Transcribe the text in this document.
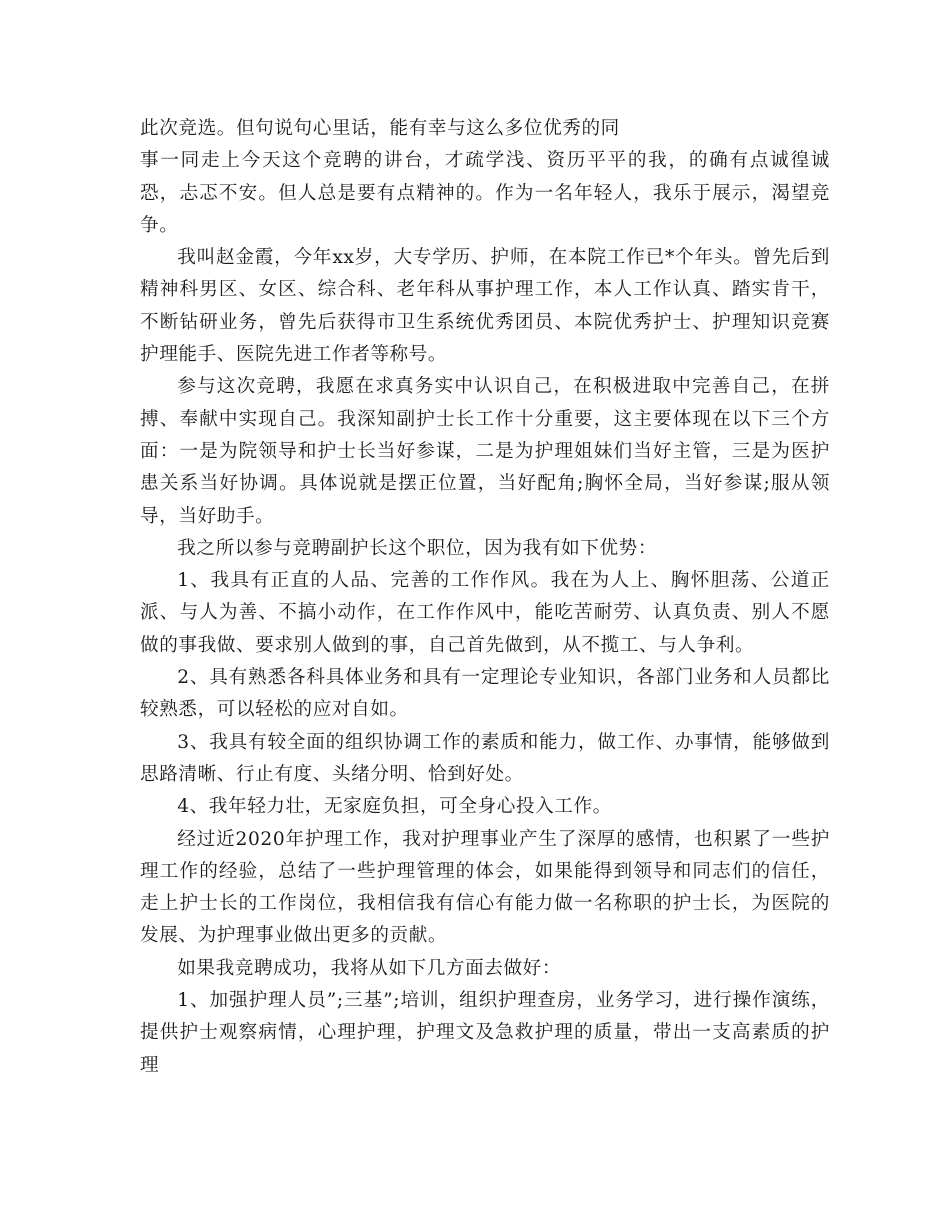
此次竞选。但句说句心里话，能有幸与这么多位优秀的同

事一同走上今天这个竞聘的讲台，才疏学浅、资历平平的我，的确有点诚徨诚恐，忐忑不安。但人总是要有点精神的。作为一名年轻人，我乐于展示，渴望竞争。

我叫赵金霞，今年xx岁，大专学历、护师，在本院工作已*个年头。曾先后到精神科男区、女区、综合科、老年科从事护理工作，本人工作认真、踏实肯干，不断钻研业务，曾先后获得市卫生系统优秀团员、本院优秀护士、护理知识竞赛护理能手、医院先进工作者等称号。

参与这次竞聘，我愿在求真务实中认识自己，在积极进取中完善自己，在拼搏、奉献中实现自己。我深知副护士长工作十分重要，这主要体现在以下三个方面：一是为院领导和护士长当好参谋，二是为护理姐妹们当好主管，三是为医护患关系当好协调。具体说就是摆正位置，当好配角;胸怀全局，当好参谋;服从领导，当好助手。

我之所以参与竞聘副护长这个职位，因为我有如下优势：

1、我具有正直的人品、完善的工作作风。我在为人上、胸怀胆荡、公道正派、与人为善、不搞小动作，在工作作风中，能吃苦耐劳、认真负责、别人不愿做的事我做、要求别人做到的事，自己首先做到，从不揽工、与人争利。

2、具有熟悉各科具体业务和具有一定理论专业知识，各部门业务和人员都比较熟悉，可以轻松的应对自如。

3、我具有较全面的组织协调工作的素质和能力，做工作、办事情，能够做到思路清晰、行止有度、头绪分明、恰到好处。

4、我年轻力壮，无家庭负担，可全身心投入工作。

经过近2020年护理工作，我对护理事业产生了深厚的感情，也积累了一些护理工作的经验，总结了一些护理管理的体会，如果能得到领导和同志们的信任，走上护士长的工作岗位，我相信我有信心有能力做一名称职的护士长，为医院的发展、为护理事业做出更多的贡献。

如果我竞聘成功，我将从如下几方面去做好：

1、加强护理人员”;三基”;培训，组织护理查房，业务学习，进行操作演练，提供护士观察病情，心理护理，护理文及急救护理的质量，带出一支高素质的护理
